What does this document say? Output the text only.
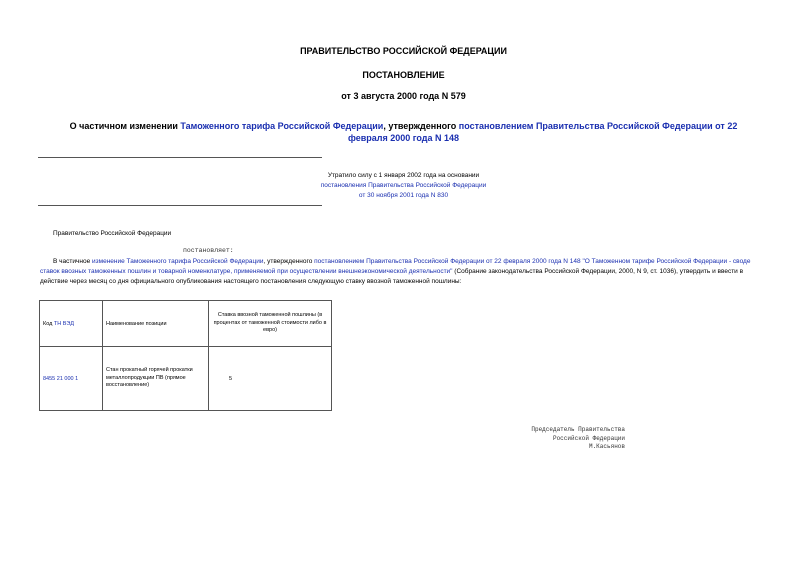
ПРАВИТЕЛЬСТВО РОССИЙСКОЙ ФЕДЕРАЦИИ

ПОСТАНОВЛЕНИЕ

от 3 августа 2000 года N 579

О частичном изменении Таможенного тарифа Российской Федерации, утвержденного постановлением Правительства Российской Федерации от 22 февраля 2000 года N 148

Утратило силу с 1 января 2002 года на основании
постановления Правительства Российской Федерации
от 30 ноября 2001 года N 830
Правительство Российской Федерации
постановляет:

В частичное изменение Таможенного тарифа Российской Федерации, утвержденного постановлением Правительства Российской Федерации от 22 февраля 2000 года N 148 "О Таможенном тарифе Российской Федерации - своде ставок ввозных таможенных пошлин и товарной номенклатуре, применяемой при осуществлении внешнеэкономической деятельности" (Собрание законодательства Российской Федерации, 2000, N 9, ст. 1036), утвердить и ввести в действие через месяц со дня официального опубликования настоящего постановления следующую ставку ввозной таможенной пошлины:

Код ТН ВЭД	Наименование позиции	Ставка ввозной таможенной пошлины (в процентах от таможенной стоимости либо в евро)
8455 21 000 1	Стан прокатный горячей прокатки металлопродукции ПВ (прямое восстановление)	5
Председатель Правительства
Российской Федерации
М.Касьянов
